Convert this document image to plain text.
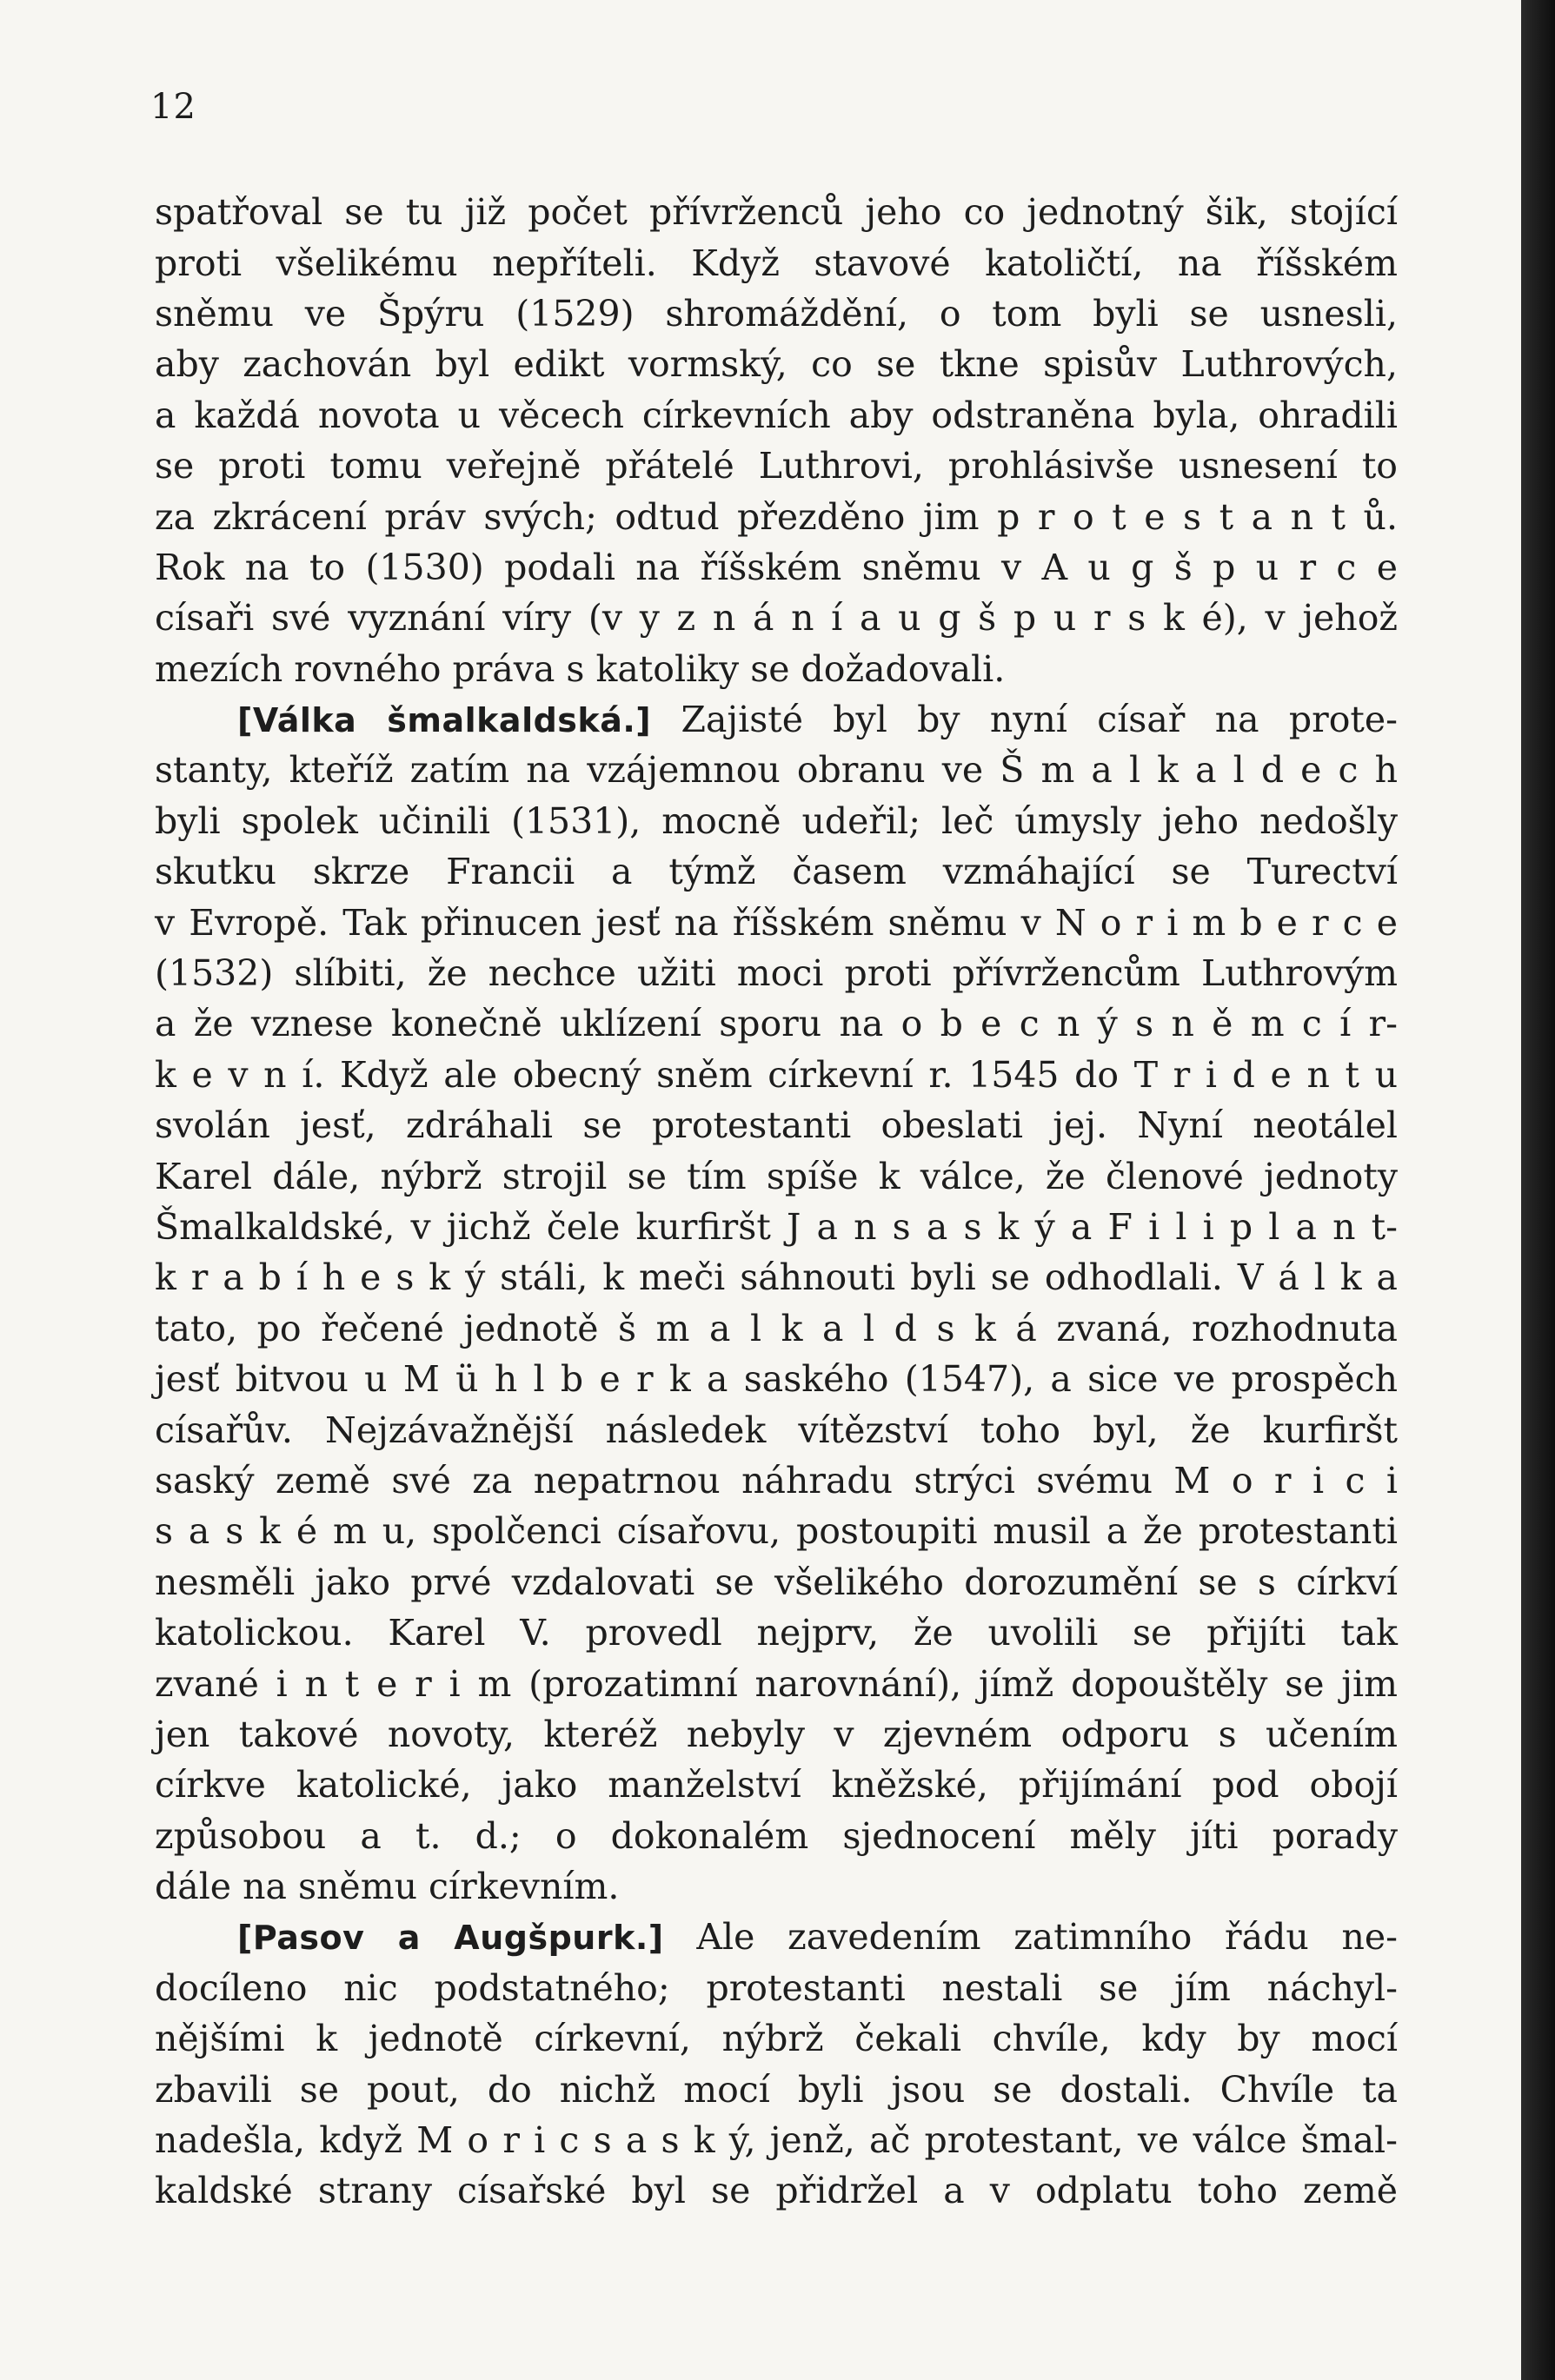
12
spatřoval se tu již počet přívrženců jeho co jednotný šik, stojící
proti všelikému nepříteli. Když stavové katoličtí, na říšském
sněmu ve Špýru (1529) shromáždění, o tom byli se usnesli,
aby zachován byl edikt vormský, co se tkne spisův Luthrových,
a každá novota u věcech církevních aby odstraněna byla, ohradili
se proti tomu veřejně přátelé Luthrovi, prohlásivše usnesení to
za zkrácení práv svých; odtud přezděno jim p r o t e s t a n t ů.
Rok na to (1530) podali na říšském sněmu v A u g š p u r c e
císaři své vyznání víry (v y z n á n í a u g š p u r s k é), v jehož
mezích rovného práva s katoliky se dožadovali.
[Válka šmalkaldská.] Zajisté byl by nyní císař na prote-
stanty, kteříž zatím na vzájemnou obranu ve Š m a l k a l d e c h
byli spolek učinili (1531), mocně udeřil; leč úmysly jeho nedošly
skutku skrze Francii a týmž časem vzmáhající se Turectví
v Evropě. Tak přinucen jesť na říšském sněmu v N o r i m b e r c e
(1532) slíbiti, že nechce užiti moci proti přívržencům Luthrovým
a že vznese konečně uklízení sporu na o b e c n ý s n ě m c í r-
k e v n í. Když ale obecný sněm církevní r. 1545 do T r i d e n t u
svolán jesť, zdráhali se protestanti obeslati jej. Nyní neotálel
Karel dále, nýbrž strojil se tím spíše k válce, že členové jednoty
Šmalkaldské, v jichž čele kurfiršt J a n s a s k ý a F i l i p l a n t-
k r a b í h e s k ý stáli, k meči sáhnouti byli se odhodlali. V á l k a
tato, po řečené jednotě š m a l k a l d s k á zvaná, rozhodnuta
jesť bitvou u M ü h l b e r k a saského (1547), a sice ve prospěch
císařův. Nejzávažnější následek vítězství toho byl, že kurfiršt
saský země své za nepatrnou náhradu strýci svému M o r i c i
s a s k é m u, spolčenci císařovu, postoupiti musil a že protestanti
nesměli jako prvé vzdalovati se všelikého dorozumění se s církví
katolickou. Karel V. provedl nejprv, že uvolili se přijíti tak
zvané i n t e r i m (prozatimní narovnání), jímž dopouštěly se jim
jen takové novoty, kteréž nebyly v zjevném odporu s učením
církve katolické, jako manželství kněžské, přijímání pod obojí
způsobou a t. d.; o dokonalém sjednocení měly jíti porady
dále na sněmu církevním.
[Pasov a Augšpurk.] Ale zavedením zatimního řádu ne-
docíleno nic podstatného; protestanti nestali se jím náchyl-
nějšími k jednotě církevní, nýbrž čekali chvíle, kdy by mocí
zbavili se pout, do nichž mocí byli jsou se dostali. Chvíle ta
nadešla, když M o r i c s a s k ý, jenž, ač protestant, ve válce šmal-
kaldské strany císařské byl se přidržel a v odplatu toho země
